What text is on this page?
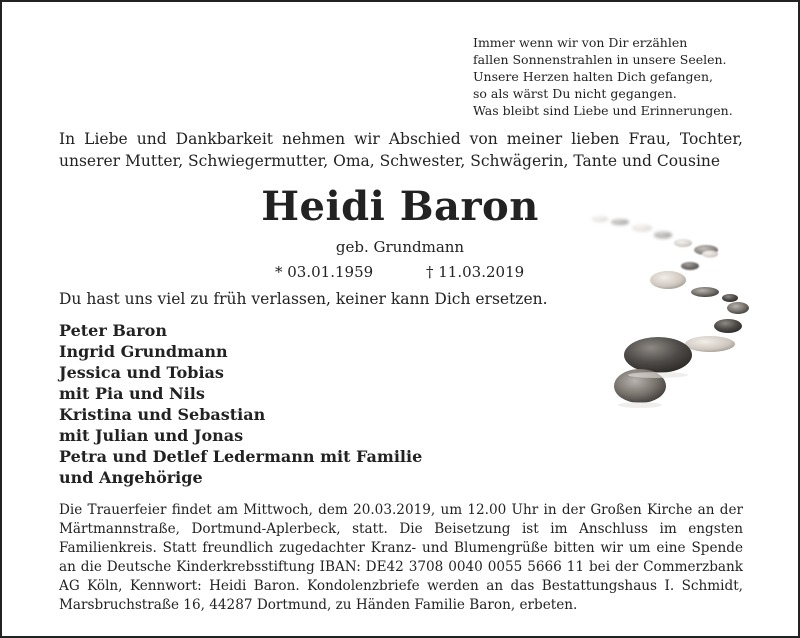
Immer wenn wir von Dir erzählen
fallen Sonnenstrahlen in unsere Seelen.
Unsere Herzen halten Dich gefangen,
so als wärst Du nicht gegangen.
Was bleibt sind Liebe und Erinnerungen.
In Liebe und Dankbarkeit nehmen wir Abschied von meiner lieben Frau, Tochter,
unserer Mutter, Schwiegermutter, Oma, Schwester, Schwägerin, Tante und Cousine
Heidi Baron
geb. Grundmann
* 03.01.1959	† 11.03.2019
Du hast uns viel zu früh verlassen, keiner kann Dich ersetzen.
Peter Baron
Ingrid Grundmann
Jessica und Tobias
mit Pia und Nils
Kristina und Sebastian
mit Julian und Jonas
Petra und Detlef Ledermann mit Familie
und Angehörige
Die Trauerfeier findet am Mittwoch, dem 20.03.2019, um 12.00 Uhr in der Großen Kirche an der
Märtmannstraße, Dortmund-Aplerbeck, statt. Die Beisetzung ist im Anschluss im engsten
Familienkreis. Statt freundlich zugedachter Kranz- und Blumengrüße bitten wir um eine Spende
an die Deutsche Kinderkrebsstiftung IBAN: DE42 3708 0040 0055 5666 11 bei der Commerzbank
AG Köln, Kennwort: Heidi Baron. Kondolenzbriefe werden an das Bestattungshaus I. Schmidt,
Marsbruchstraße 16, 44287 Dortmund, zu Händen Familie Baron, erbeten.
